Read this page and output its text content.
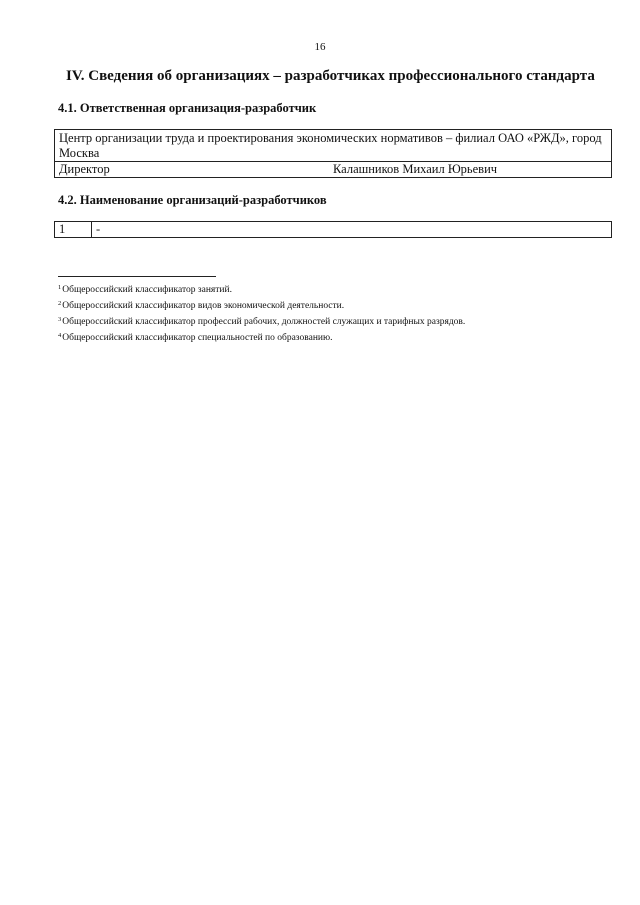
16
IV. Сведения об организациях – разработчиках профессионального стандарта
4.1. Ответственная организация-разработчик
Центр организации труда и проектирования экономических нормативов – филиал ОАО «РЖД», город Москва
Директор	Калашников Михаил Юрьевич
4.2. Наименование организаций-разработчиков
1	-
$^1$Общероссийский классификатор занятий.
$^2$Общероссийский классификатор видов экономической деятельности.
$^3$Общероссийский классификатор профессий рабочих, должностей служащих и тарифных разрядов.
$^4$Общероссийский классификатор специальностей по образованию.
